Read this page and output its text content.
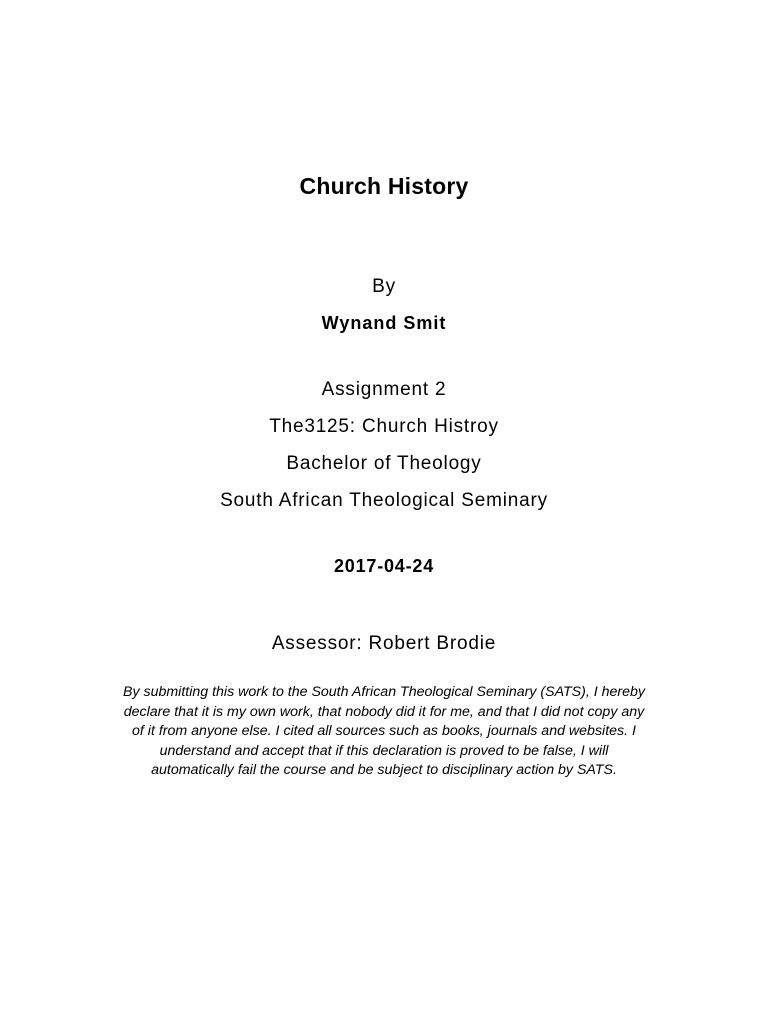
Church History
By
Wynand Smit
Assignment 2
The3125: Church Histroy
Bachelor of Theology
South African Theological Seminary
2017-04-24
Assessor: Robert Brodie
By submitting this work to the South African Theological Seminary (SATS), I hereby
declare that it is my own work, that nobody did it for me, and that I did not copy any
of it from anyone else. I cited all sources such as books, journals and websites. I
understand and accept that if this declaration is proved to be false, I will
automatically fail the course and be subject to disciplinary action by SATS.
